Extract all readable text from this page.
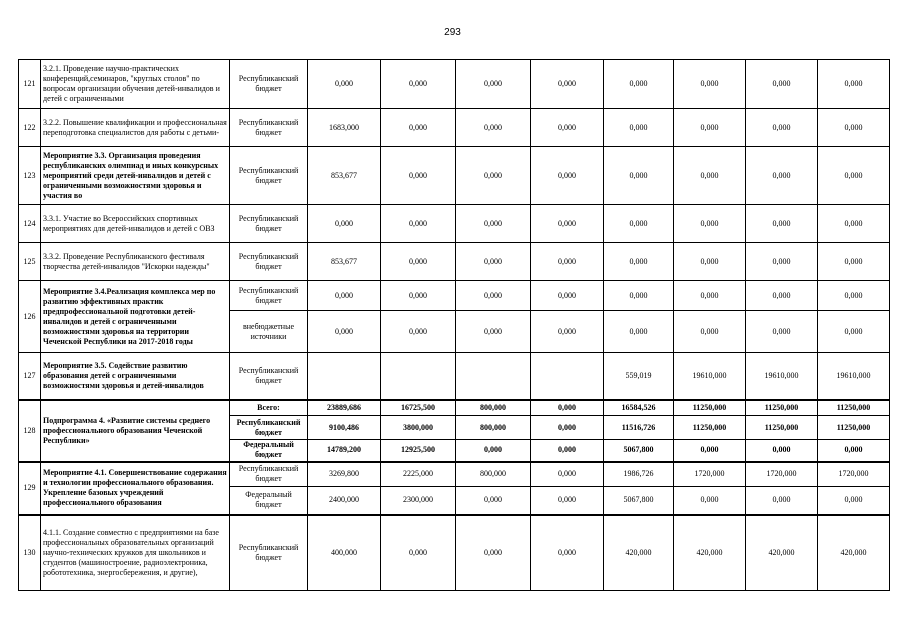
293
121	3.2.1. Проведение научно-практических конференций,семинаров, "круглых столов" по вопросам организации обучения детей-инвалидов и детей с ограниченными	Республиканский бюджет	0,000	0,000	0,000	0,000	0,000	0,000	0,000	0,000
122	3.2.2. Повышение квалификации и профессиональная переподготовка специалистов для работы с детьми-	Республиканский бюджет	1683,000	0,000	0,000	0,000	0,000	0,000	0,000	0,000
123	Мероприятие 3.3. Организация проведения республиканских олимпиад и иных конкурсных мероприятий среди детей-инвалидов и детей с ограниченными возможностями здоровья и участия во	Республиканский бюджет	853,677	0,000	0,000	0,000	0,000	0,000	0,000	0,000
124	3.3.1. Участие во Всероссийских спортивных мероприятиях для детей-инвалидов и детей с ОВЗ	Республиканский бюджет	0,000	0,000	0,000	0,000	0,000	0,000	0,000	0,000
125	3.3.2. Проведение Республиканского фестиваля творчества детей-инвалидов "Искорки надежды"	Республиканский бюджет	853,677	0,000	0,000	0,000	0,000	0,000	0,000	0,000
126	Мероприятие 3.4.Реализация комплекса мер по развитию эффективных практик предпрофессиональной подготовки детей-инвалидов и детей с ограниченными возможностями здоровья на территории Чеченской Республики на 2017-2018 годы	Республиканский бюджет	0,000	0,000	0,000	0,000	0,000	0,000	0,000	0,000
		внебюджетные источники	0,000	0,000	0,000	0,000	0,000	0,000	0,000	0,000
127	Мероприятие 3.5. Содействие развитию образования детей с ограниченными возможностями здоровья и детей-инвалидов	Республиканский бюджет					559,019	19610,000	19610,000	19610,000
128	Подпрограмма 4. «Развитие системы среднего профессионального образования Чеченской Республики»	Всего:	23889,686	16725,500	800,000	0,000	16584,526	11250,000	11250,000	11250,000
		Республиканский бюджет	9100,486	3800,000	800,000	0,000	11516,726	11250,000	11250,000	11250,000
		Федеральный бюджет	14789,200	12925,500	0,000	0,000	5067,800	0,000	0,000	0,000
129	Мероприятие 4.1. Совершенствование содержания и технологии профессионального образования. Укрепление базовых учреждений профессионального образования	Республиканский бюджет	3269,800	2225,000	800,000	0,000	1986,726	1720,000	1720,000	1720,000
		Федеральный бюджет	2400,000	2300,000	0,000	0,000	5067,800	0,000	0,000	0,000
130	4.1.1. Создание совместно с предприятиями на базе профессиональных образовательных организаций научно-технических кружков для школьников и студентов (машиностроение, радиоэлектроника, робототехника, энергосбережения, и другие),	Республиканский бюджет	400,000	0,000	0,000	0,000	420,000	420,000	420,000	420,000
